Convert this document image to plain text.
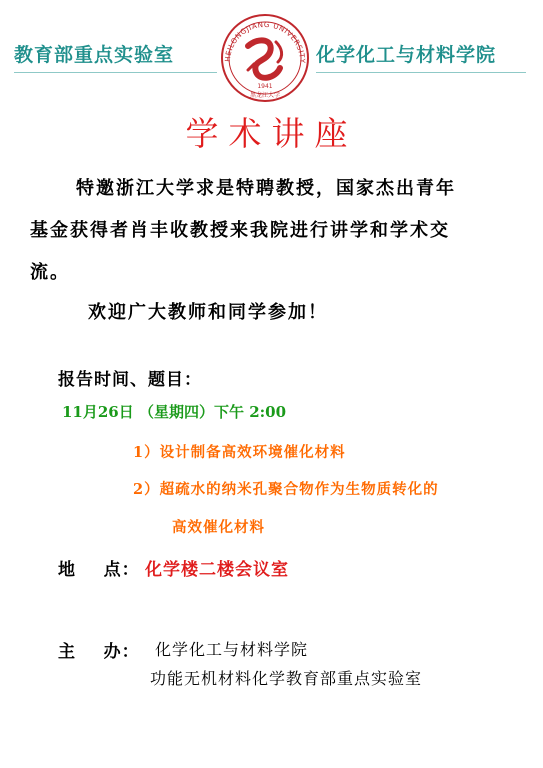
教育部重点实验室	HEILONGJIANG UNIVERSITY
1941
黑龙江大学
化学化工与材料学院
学术讲座
特邀浙江大学求是特聘教授，国家杰出青年
基金获得者肖丰收教授来我院进行讲学和学术交
流。
欢迎广大教师和同学参加！
报告时间、题目：
11月26日 （星期四）下午 2:00
1）设计制备高效环境催化材料
2）超疏水的纳米孔聚合物作为生物质转化的
高效催化材料
地    点： 化学楼二楼会议室
主    办： 化学化工与材料学院
功能无机材料化学教育部重点实验室
